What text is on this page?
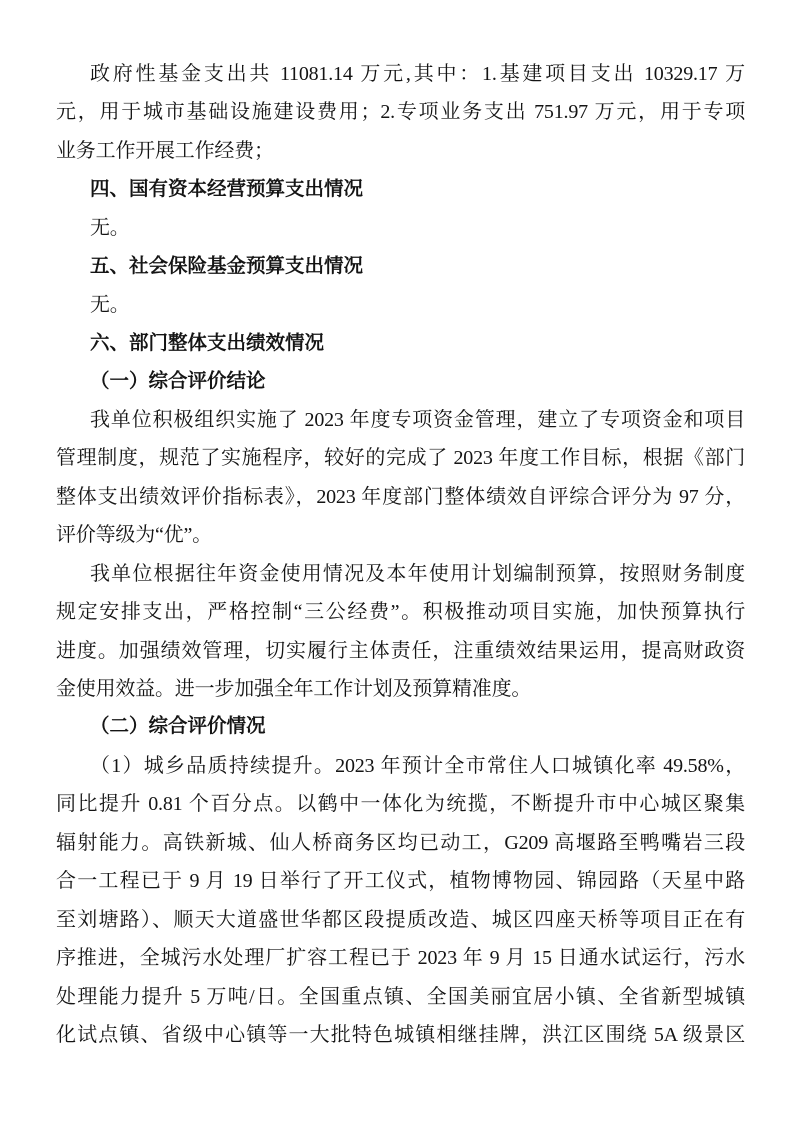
政府性基金支出共 11081.14 万元,其中：1.基建项目支出 10329.17 万
元，用于城市基础设施建设费用；2.专项业务支出 751.97 万元，用于专项
业务工作开展工作经费；
四、国有资本经营预算支出情况
无。
五、社会保险基金预算支出情况
无。
六、部门整体支出绩效情况
（一）综合评价结论
我单位积极组织实施了 2023 年度专项资金管理，建立了专项资金和项目
管理制度，规范了实施程序，较好的完成了 2023 年度工作目标，根据《部门
整体支出绩效评价指标表》，2023 年度部门整体绩效自评综合评分为 97 分，
评价等级为“优”。
我单位根据往年资金使用情况及本年使用计划编制预算，按照财务制度
规定安排支出，严格控制“三公经费”。积极推动项目实施，加快预算执行
进度。加强绩效管理，切实履行主体责任，注重绩效结果运用，提高财政资
金使用效益。进一步加强全年工作计划及预算精准度。
（二）综合评价情况
（1）城乡品质持续提升。2023 年预计全市常住人口城镇化率 49.58%，
同比提升 0.81 个百分点。以鹤中一体化为统揽，不断提升市中心城区聚集
辐射能力。高铁新城、仙人桥商务区均已动工，G209 高堰路至鸭嘴岩三段
合一工程已于 9 月 19 日举行了开工仪式，植物博物园、锦园路（天星中路
至刘塘路）、顺天大道盛世华都区段提质改造、城区四座天桥等项目正在有
序推进，全城污水处理厂扩容工程已于 2023 年 9 月 15 日通水试运行，污水
处理能力提升 5 万吨/日。全国重点镇、全国美丽宜居小镇、全省新型城镇
化试点镇、省级中心镇等一大批特色城镇相继挂牌，洪江区围绕 5A 级景区
